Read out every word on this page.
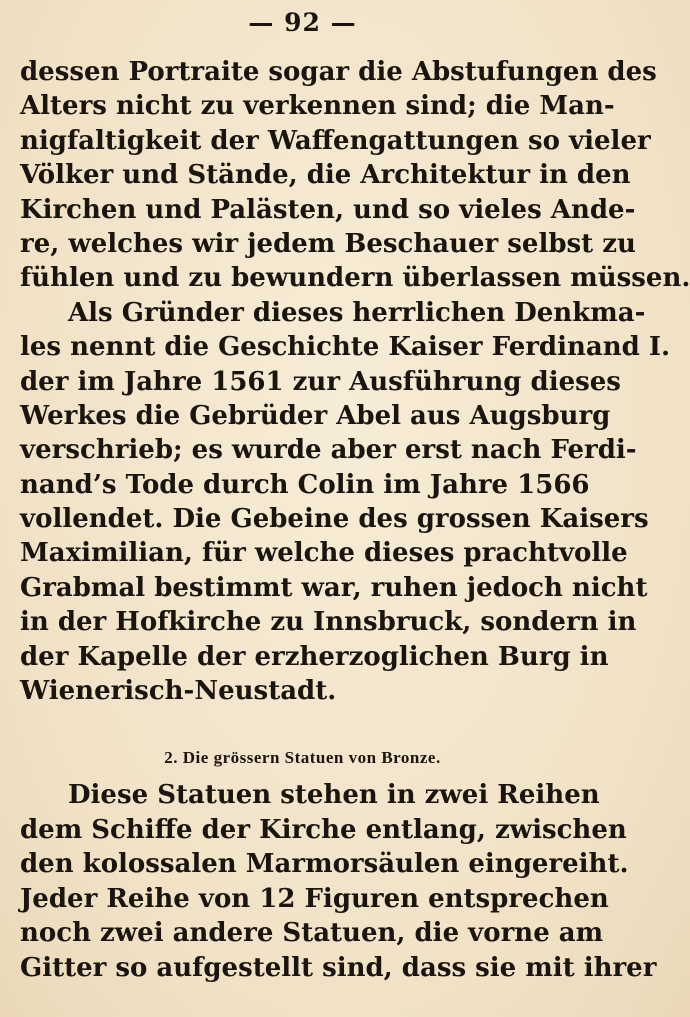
— 92 —
dessen Portraite sogar die Abstufungen des
Alters nicht zu verkennen sind; die Man-
nigfaltigkeit der Waffengattungen so vieler
Völker und Stände, die Architektur in den
Kirchen und Palästen, und so vieles Ande-
re, welches wir jedem Beschauer selbst zu
fühlen und zu bewundern überlassen müssen.
Als Gründer dieses herrlichen Denkma-
les nennt die Geschichte Kaiser Ferdinand I.
der im Jahre 1561 zur Ausführung dieses
Werkes die Gebrüder Abel aus Augsburg
verschrieb; es wurde aber erst nach Ferdi-
nand’s Tode durch Colin im Jahre 1566
vollendet. Die Gebeine des grossen Kaisers
Maximilian, für welche dieses prachtvolle
Grabmal bestimmt war, ruhen jedoch nicht
in der Hofkirche zu Innsbruck, sondern in
der Kapelle der erzherzoglichen Burg in
Wienerisch-Neustadt.
2. Die grössern Statuen von Bronze.
Diese Statuen stehen in zwei Reihen
dem Schiffe der Kirche entlang, zwischen
den kolossalen Marmorsäulen eingereiht.
Jeder Reihe von 12 Figuren entsprechen
noch zwei andere Statuen, die vorne am
Gitter so aufgestellt sind, dass sie mit ihrer
